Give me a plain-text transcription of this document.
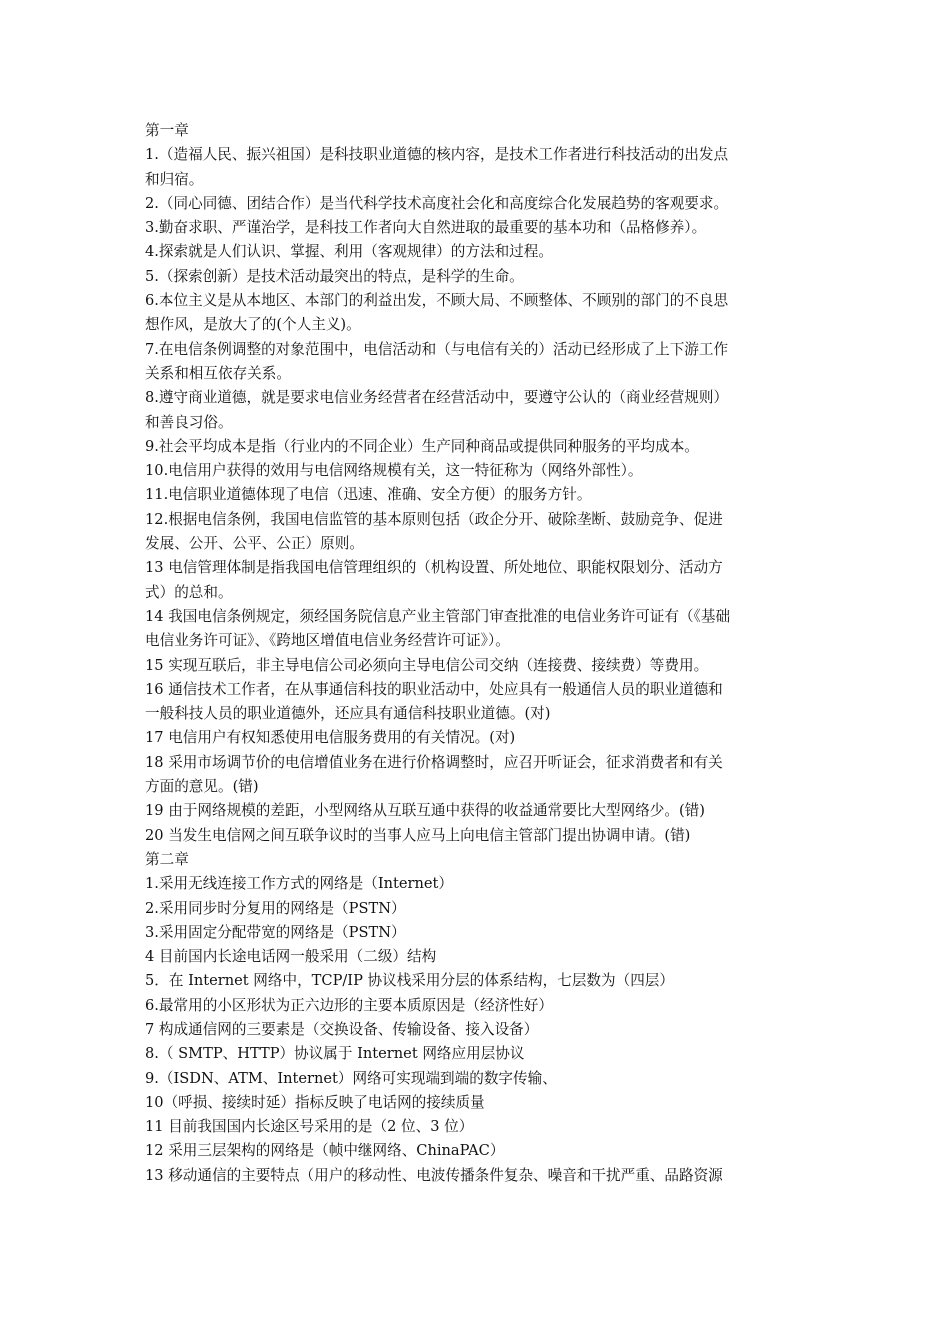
第一章
1.（造福人民、振兴祖国）是科技职业道德的核内容，是技术工作者进行科技活动的出发点
和归宿。
2.（同心同德、团结合作）是当代科学技术高度社会化和高度综合化发展趋势的客观要求。
3.勤奋求职、严谨治学，是科技工作者向大自然进取的最重要的基本功和（品格修养）。
4.探索就是人们认识、掌握、利用（客观规律）的方法和过程。
5.（探索创新）是技术活动最突出的特点，是科学的生命。
6.本位主义是从本地区、本部门的利益出发，不顾大局、不顾整体、不顾别的部门的不良思
想作风，是放大了的(个人主义)。
7.在电信条例调整的对象范围中，电信活动和（与电信有关的）活动已经形成了上下游工作
关系和相互依存关系。
8.遵守商业道德，就是要求电信业务经营者在经营活动中，要遵守公认的（商业经营规则）
和善良习俗。
9.社会平均成本是指（行业内的不同企业）生产同种商品或提供同种服务的平均成本。
10.电信用户获得的效用与电信网络规模有关，这一特征称为（网络外部性）。
11.电信职业道德体现了电信（迅速、准确、安全方便）的服务方针。
12.根据电信条例，我国电信监管的基本原则包括（政企分开、破除垄断、鼓励竞争、促进
发展、公开、公平、公正）原则。
13 电信管理体制是指我国电信管理组织的（机构设置、所处地位、职能权限划分、活动方
式）的总和。
14 我国电信条例规定，须经国务院信息产业主管部门审查批准的电信业务许可证有（《基础
电信业务许可证》、《跨地区增值电信业务经营许可证》）。
15 实现互联后，非主导电信公司必须向主导电信公司交纳（连接费、接续费）等费用。
16 通信技术工作者，在从事通信科技的职业活动中，处应具有一般通信人员的职业道德和
一般科技人员的职业道德外，还应具有通信科技职业道德。(对)
17 电信用户有权知悉使用电信服务费用的有关情况。(对)
18 采用市场调节价的电信增值业务在进行价格调整时，应召开听证会，征求消费者和有关
方面的意见。(错)
19 由于网络规模的差距，小型网络从互联互通中获得的收益通常要比大型网络少。(错)
20 当发生电信网之间互联争议时的当事人应马上向电信主管部门提出协调申请。(错)
第二章
1.采用无线连接工作方式的网络是（Internet）
2.采用同步时分复用的网络是（PSTN）
3.采用固定分配带宽的网络是（PSTN）
4 目前国内长途电话网一般采用（二级）结构
5．在 Internet 网络中，TCP/IP 协议栈采用分层的体系结构，七层数为（四层）
6.最常用的小区形状为正六边形的主要本质原因是（经济性好）
7 构成通信网的三要素是（交换设备、传输设备、接入设备）
8.（ SMTP、HTTP）协议属于 Internet 网络应用层协议
9.（ISDN、ATM、Internet）网络可实现端到端的数字传输、
10（呼损、接续时延）指标反映了电话网的接续质量
11 目前我国国内长途区号采用的是（2 位、3 位）
12 采用三层架构的网络是（帧中继网络、ChinaPAC）
13 移动通信的主要特点（用户的移动性、电波传播条件复杂、噪音和干扰严重、品路资源
